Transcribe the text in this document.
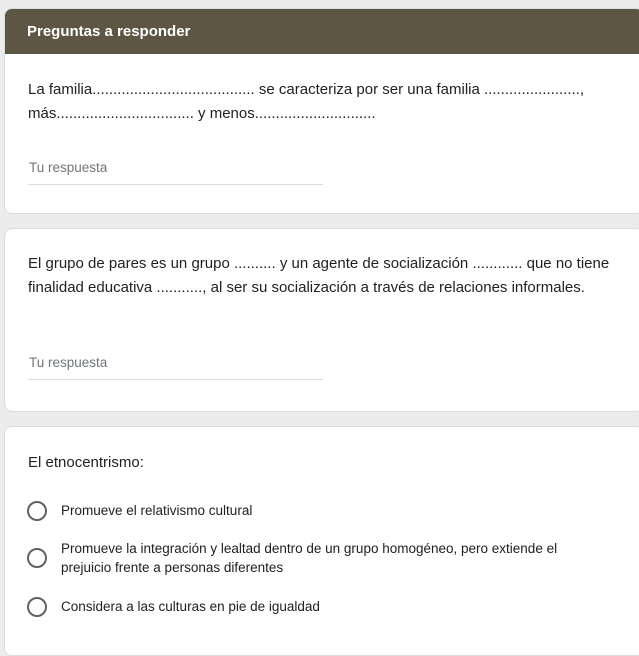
Preguntas a responder
La familia....................................... se caracteriza por ser una familia ......................., más................................. y menos.............................
Tu respuesta
El grupo de pares es un grupo .......... y un agente de socialización ............ que no tiene finalidad educativa ..........., al ser su socialización a través de relaciones informales.
Tu respuesta
El etnocentrismo:
Promueve el relativismo cultural
Promueve la integración y lealtad dentro de un grupo homogéneo, pero extiende el prejuicio frente a personas diferentes
Considera a las culturas en pie de igualdad
